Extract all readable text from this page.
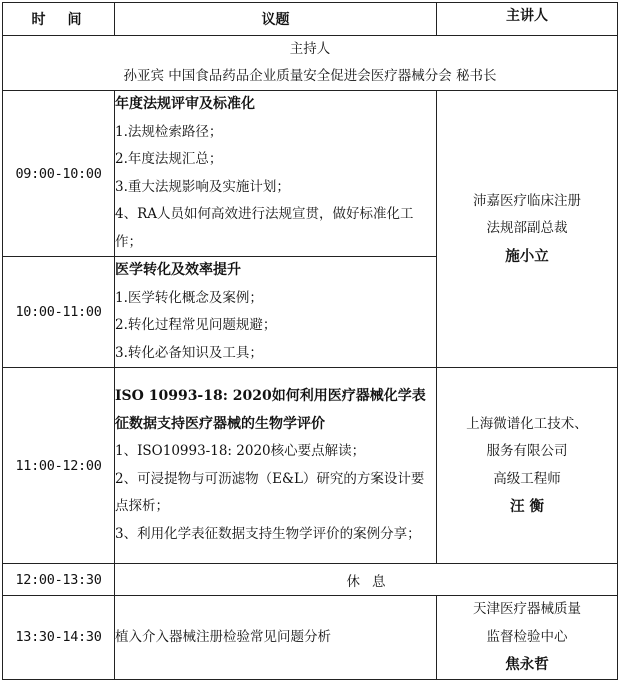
时间	议题	主讲人

主持人
孙亚宾 中国食品药品企业质量安全促进会医疗器械分会 秘书长		

09:00-10:00	年度法规评审及标准化
1.法规检索路径；
2.年度法规汇总；
3.重大法规影响及实施计划；
4、RA人员如何高效进行法规宣贯，做好标准化工作；	沛嘉医疗临床注册
法规部副总裁
施小立

10:00-11:00	医学转化及效率提升
1.医学转化概念及案例；
2.转化过程常见问题规避；
3.转化必备知识及工具；	

11:00-12:00	ISO 10993-18: 2020如何利用医疗器械化学表征数据支持医疗器械的生物学评价
1、ISO10993-18: 2020核心要点解读；
2、可浸提物与可沥滤物（E&L）研究的方案设计要点探析；
3、利用化学表征数据支持生物学评价的案例分享；	上海微谱化工技术、
服务有限公司
高级工程师
汪 衡

12:00-13:30	休息	
13:30-14:30	植入介入器械注册检验常见问题分析	天津医疗器械质量
监督检验中心
焦永哲
